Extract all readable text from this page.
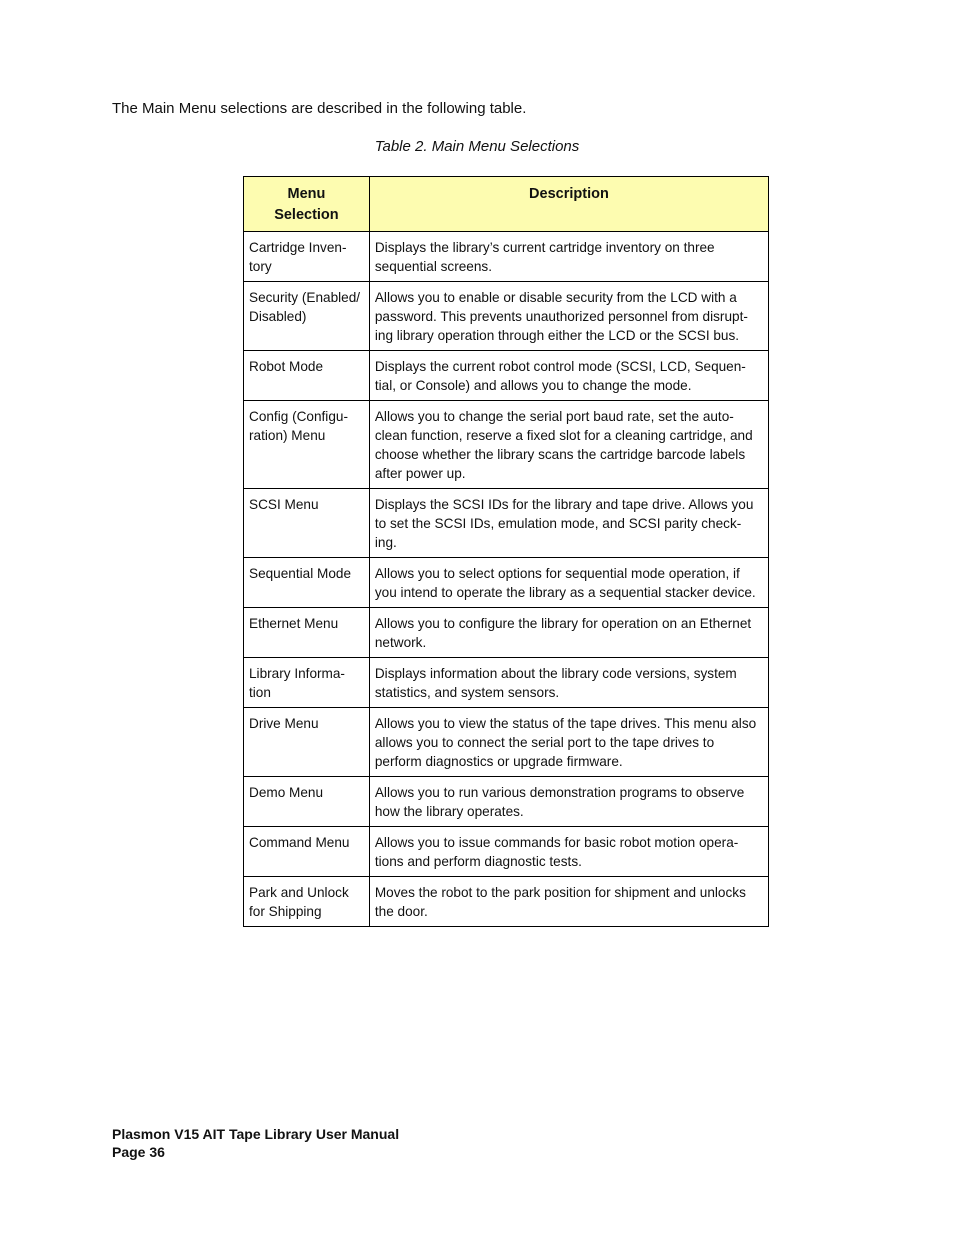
The Main Menu selections are described in the following table.

Table 2. Main Menu Selections

Menu
Selection	Description
Cartridge Inven-tory	Displays the library’s current cartridge inventory on three sequential screens.
Security (Enabled/ Disabled)	Allows you to enable or disable security from the LCD with a password. This prevents unauthorized personnel from disrupt-ing library operation through either the LCD or the SCSI bus.
Robot Mode	Displays the current robot control mode (SCSI, LCD, Sequen-tial, or Console) and allows you to change the mode.
Config (Configu-ration) Menu	Allows you to change the serial port baud rate, set the auto-clean function, reserve a fixed slot for a cleaning cartridge, and choose whether the library scans the cartridge barcode labels after power up.
SCSI Menu	Displays the SCSI IDs for the library and tape drive. Allows you to set the SCSI IDs, emulation mode, and SCSI parity check-ing.
Sequential Mode	Allows you to select options for sequential mode operation, if you intend to operate the library as a sequential stacker device.
Ethernet Menu	Allows you to configure the library for operation on an Ethernet network.
Library Informa-tion	Displays information about the library code versions, system statistics, and system sensors.
Drive Menu	Allows you to view the status of the tape drives. This menu also allows you to connect the serial port to the tape drives to perform diagnostics or upgrade firmware.
Demo Menu	Allows you to run various demonstration programs to observe how the library operates.
Command Menu	Allows you to issue commands for basic robot motion opera-tions and perform diagnostic tests.
Park and Unlock for Shipping	Moves the robot to the park position for shipment and unlocks the door.
Plasmon V15 AIT Tape Library User Manual
Page 36
